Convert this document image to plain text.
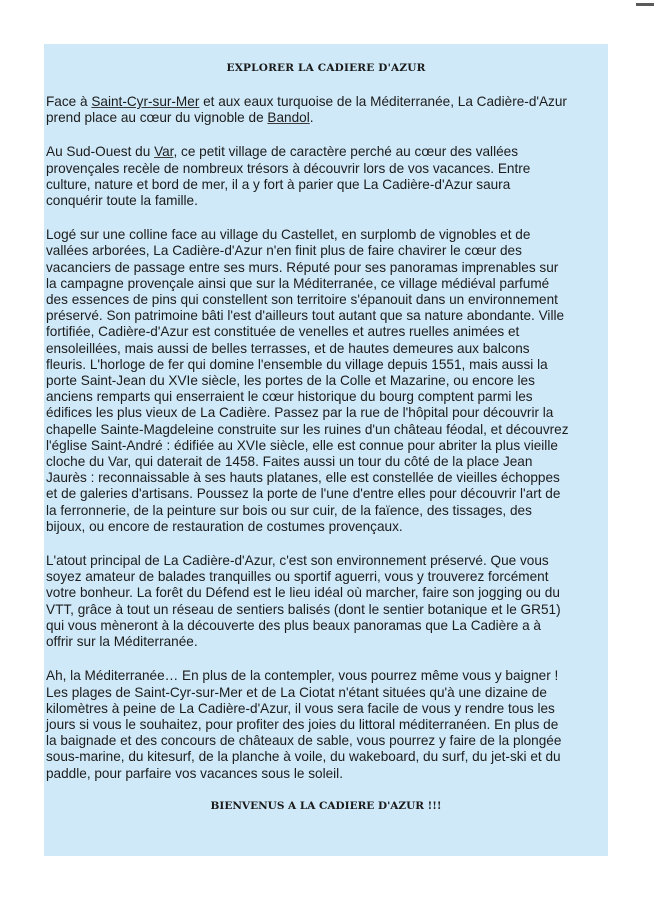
EXPLORER LA CADIERE D'AZUR

Face à Saint-Cyr-sur-Mer et aux eaux turquoise de la Méditerranée, La Cadière-d'Azur
prend place au cœur du vignoble de Bandol.

Au Sud-Ouest du Var, ce petit village de caractère perché au cœur des vallées
provençales recèle de nombreux trésors à découvrir lors de vos vacances. Entre
culture, nature et bord de mer, il a y fort à parier que La Cadière-d'Azur saura
conquérir toute la famille.

Logé sur une colline face au village du Castellet, en surplomb de vignobles et de
vallées arborées, La Cadière-d'Azur n'en finit plus de faire chavirer le cœur des
vacanciers de passage entre ses murs. Réputé pour ses panoramas imprenables sur
la campagne provençale ainsi que sur la Méditerranée, ce village médiéval parfumé
des essences de pins qui constellent son territoire s'épanouit dans un environnement
préservé. Son patrimoine bâti l'est d'ailleurs tout autant que sa nature abondante. Ville
fortifiée, Cadière-d'Azur est constituée de venelles et autres ruelles animées et
ensoleillées, mais aussi de belles terrasses, et de hautes demeures aux balcons
fleuris. L'horloge de fer qui domine l'ensemble du village depuis 1551, mais aussi la
porte Saint-Jean du XVIe siècle, les portes de la Colle et Mazarine, ou encore les
anciens remparts qui enserraient le cœur historique du bourg comptent parmi les
édifices les plus vieux de La Cadière. Passez par la rue de l'hôpital pour découvrir la
chapelle Sainte-Magdeleine construite sur les ruines d'un château féodal, et découvrez
l'église Saint-André : édifiée au XVIe siècle, elle est connue pour abriter la plus vieille
cloche du Var, qui daterait de 1458. Faites aussi un tour du côté de la place Jean
Jaurès : reconnaissable à ses hauts platanes, elle est constellée de vieilles échoppes
et de galeries d'artisans. Poussez la porte de l'une d'entre elles pour découvrir l'art de
la ferronnerie, de la peinture sur bois ou sur cuir, de la faïence, des tissages, des
bijoux, ou encore de restauration de costumes provençaux.

L'atout principal de La Cadière-d'Azur, c'est son environnement préservé. Que vous
soyez amateur de balades tranquilles ou sportif aguerri, vous y trouverez forcément
votre bonheur. La forêt du Défend est le lieu idéal où marcher, faire son jogging ou du
VTT, grâce à tout un réseau de sentiers balisés (dont le sentier botanique et le GR51)
qui vous mèneront à la découverte des plus beaux panoramas que La Cadière a à
offrir sur la Méditerranée.

Ah, la Méditerranée… En plus de la contempler, vous pourrez même vous y baigner !
Les plages de Saint-Cyr-sur-Mer et de La Ciotat n'étant situées qu'à une dizaine de
kilomètres à peine de La Cadière-d'Azur, il vous sera facile de vous y rendre tous les
jours si vous le souhaitez, pour profiter des joies du littoral méditerranéen. En plus de
la baignade et des concours de châteaux de sable, vous pourrez y faire de la plongée
sous-marine, du kitesurf, de la planche à voile, du wakeboard, du surf, du jet-ski et du
paddle, pour parfaire vos vacances sous le soleil.

BIENVENUS A LA CADIERE D'AZUR !!!
